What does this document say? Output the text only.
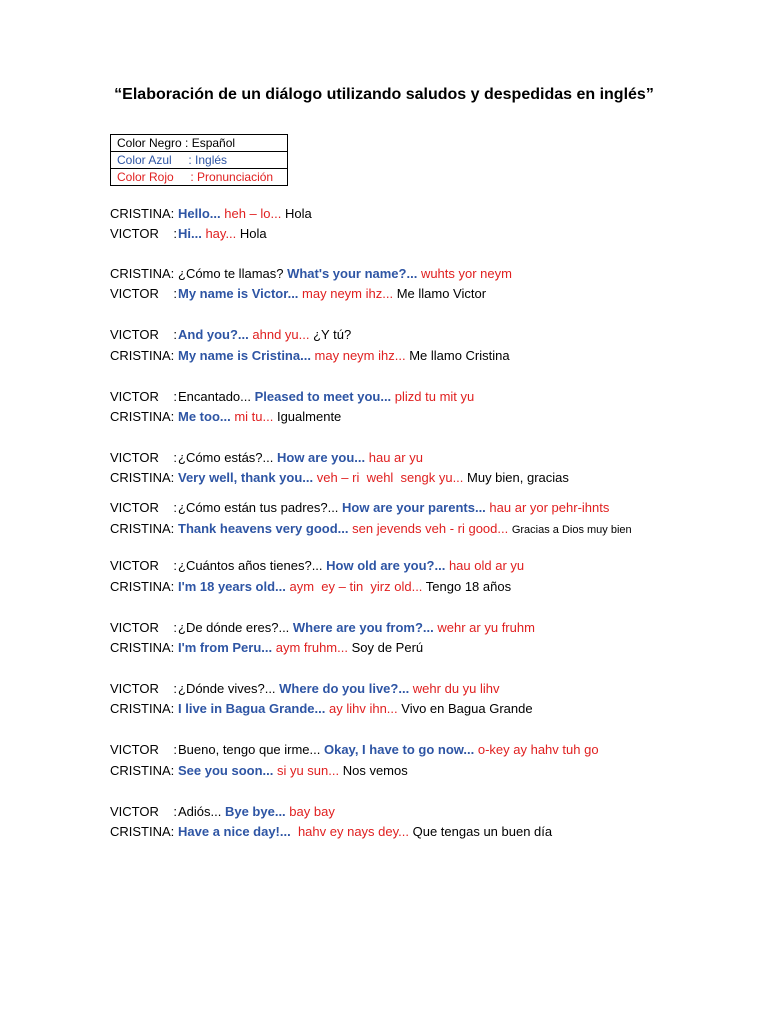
“Elaboración de un diálogo utilizando saludos y despedidas en inglés”
Color Negro : Español
Color Azul     : Inglés
Color Rojo     : Pronunciación
CRISTINA: Hello... heh – lo... Hola
VICTOR    :Hi... hay... Hola
CRISTINA: ¿Cómo te llamas? What's your name?... wuhts yor neym
VICTOR    :My name is Victor... may neym ihz... Me llamo Victor
VICTOR    :And you?... ahnd yu... ¿Y tú?
CRISTINA: My name is Cristina... may neym ihz... Me llamo Cristina
VICTOR    :Encantado... Pleased to meet you... plizd tu mit yu
CRISTINA: Me too... mi tu... Igualmente
VICTOR    :¿Cómo estás?... How are you... hau ar yu
CRISTINA: Very well, thank you... veh – ri  wehl  sengk yu... Muy bien, gracias
VICTOR    :¿Cómo están tus padres?... How are your parents... hau ar yor pehr-ihnts
CRISTINA: Thank heavens very good... sen jevends veh - ri good... Gracias a Dios muy bien
VICTOR    :¿Cuántos años tienes?... How old are you?... hau old ar yu
CRISTINA: I'm 18 years old... aym  ey – tin  yirz old... Tengo 18 años
VICTOR    :¿De dónde eres?... Where are you from?... wehr ar yu fruhm
CRISTINA: I'm from Peru... aym fruhm... Soy de Perú
VICTOR    :¿Dónde vives?... Where do you live?... wehr du yu lihv
CRISTINA: I live in Bagua Grande... ay lihv ihn... Vivo en Bagua Grande
VICTOR    :Bueno, tengo que irme... Okay, I have to go now... o-key ay hahv tuh go
CRISTINA: See you soon... si yu sun... Nos vemos
VICTOR    :Adiós... Bye bye... bay bay
CRISTINA: Have a nice day!...  hahv ey nays dey... Que tengas un buen día
